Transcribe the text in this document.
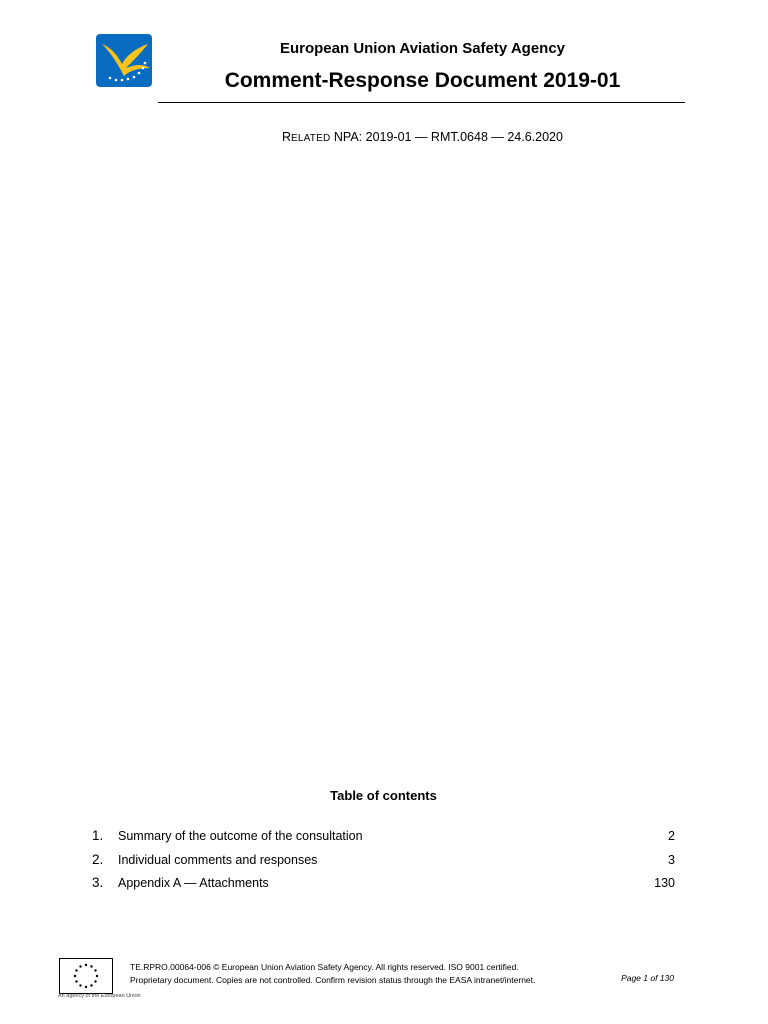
European Union Aviation Safety Agency
Comment-Response Document 2019-01
RELATED NPA: 2019-01 — RMT.0648 — 24.6.2020
Table of contents
1. Summary of the outcome of the consultation	2
2. Individual comments and responses	3
3. Appendix A — Attachments	130
An agency of the European Union
TE.RPRO.00064-006 © European Union Aviation Safety Agency. All rights reserved. ISO 9001 certified.
Proprietary document. Copies are not controlled. Confirm revision status through the EASA intranet/internet.	Page 1 of 130
